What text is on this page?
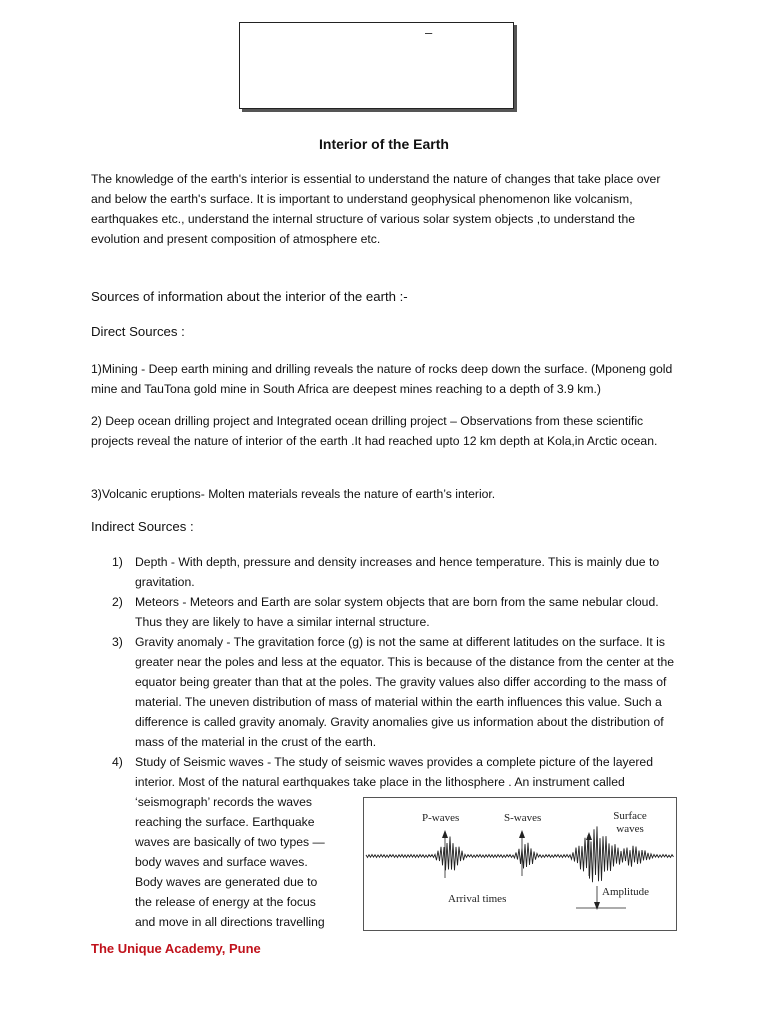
–
Interior of the Earth

The knowledge of the earth's interior is essential to understand the nature of changes that take place over and below the earth's surface. It is important to understand geophysical phenomenon like volcanism, earthquakes etc., understand the internal structure of various solar system objects ,to understand the evolution and present composition of atmosphere etc.

Sources of information about the interior of the earth :-

Direct Sources :

1)Mining - Deep earth mining and drilling reveals the nature of rocks deep down the surface. (Mponeng gold mine and TauTona gold mine in South Africa are deepest mines reaching to a depth of 3.9 km.)

2) Deep ocean drilling project and Integrated ocean drilling project – Observations from these scientific projects reveal the nature of interior of the earth .It had reached upto 12 km depth at Kola,in Arctic ocean.

3)Volcanic eruptions- Molten materials reveals the nature of earth’s interior.

Indirect Sources :

1) Depth - With depth, pressure and density increases and hence temperature. This is mainly due to gravitation.
2) Meteors - Meteors and Earth are solar system objects that are born from the same nebular cloud. Thus they are likely to have a similar internal structure.
3) Gravity anomaly - The gravitation force (g) is not the same at different latitudes on the surface. It is greater near the poles and less at the equator. This is because of the distance from the center at the equator being greater than that at the poles. The gravity values also differ according to the mass of material. The uneven distribution of mass of material within the earth influences this value. Such a difference is called gravity anomaly. Gravity anomalies give us information about the distribution of mass of the material in the crust of the earth.
4) Study of Seismic waves - The study of seismic waves provides a complete picture of the layered interior. Most of the natural earthquakes take place in the lithosphere . An instrument called
‘seismograph’ records the waves reaching the surface. Earthquake waves are basically of two types — body waves and surface waves. Body waves are generated due to the release of energy at the focus and move in all directions travelling
P-waves	S-waves	Surface waves
Arrival times
Amplitude
The Unique Academy, Pune
